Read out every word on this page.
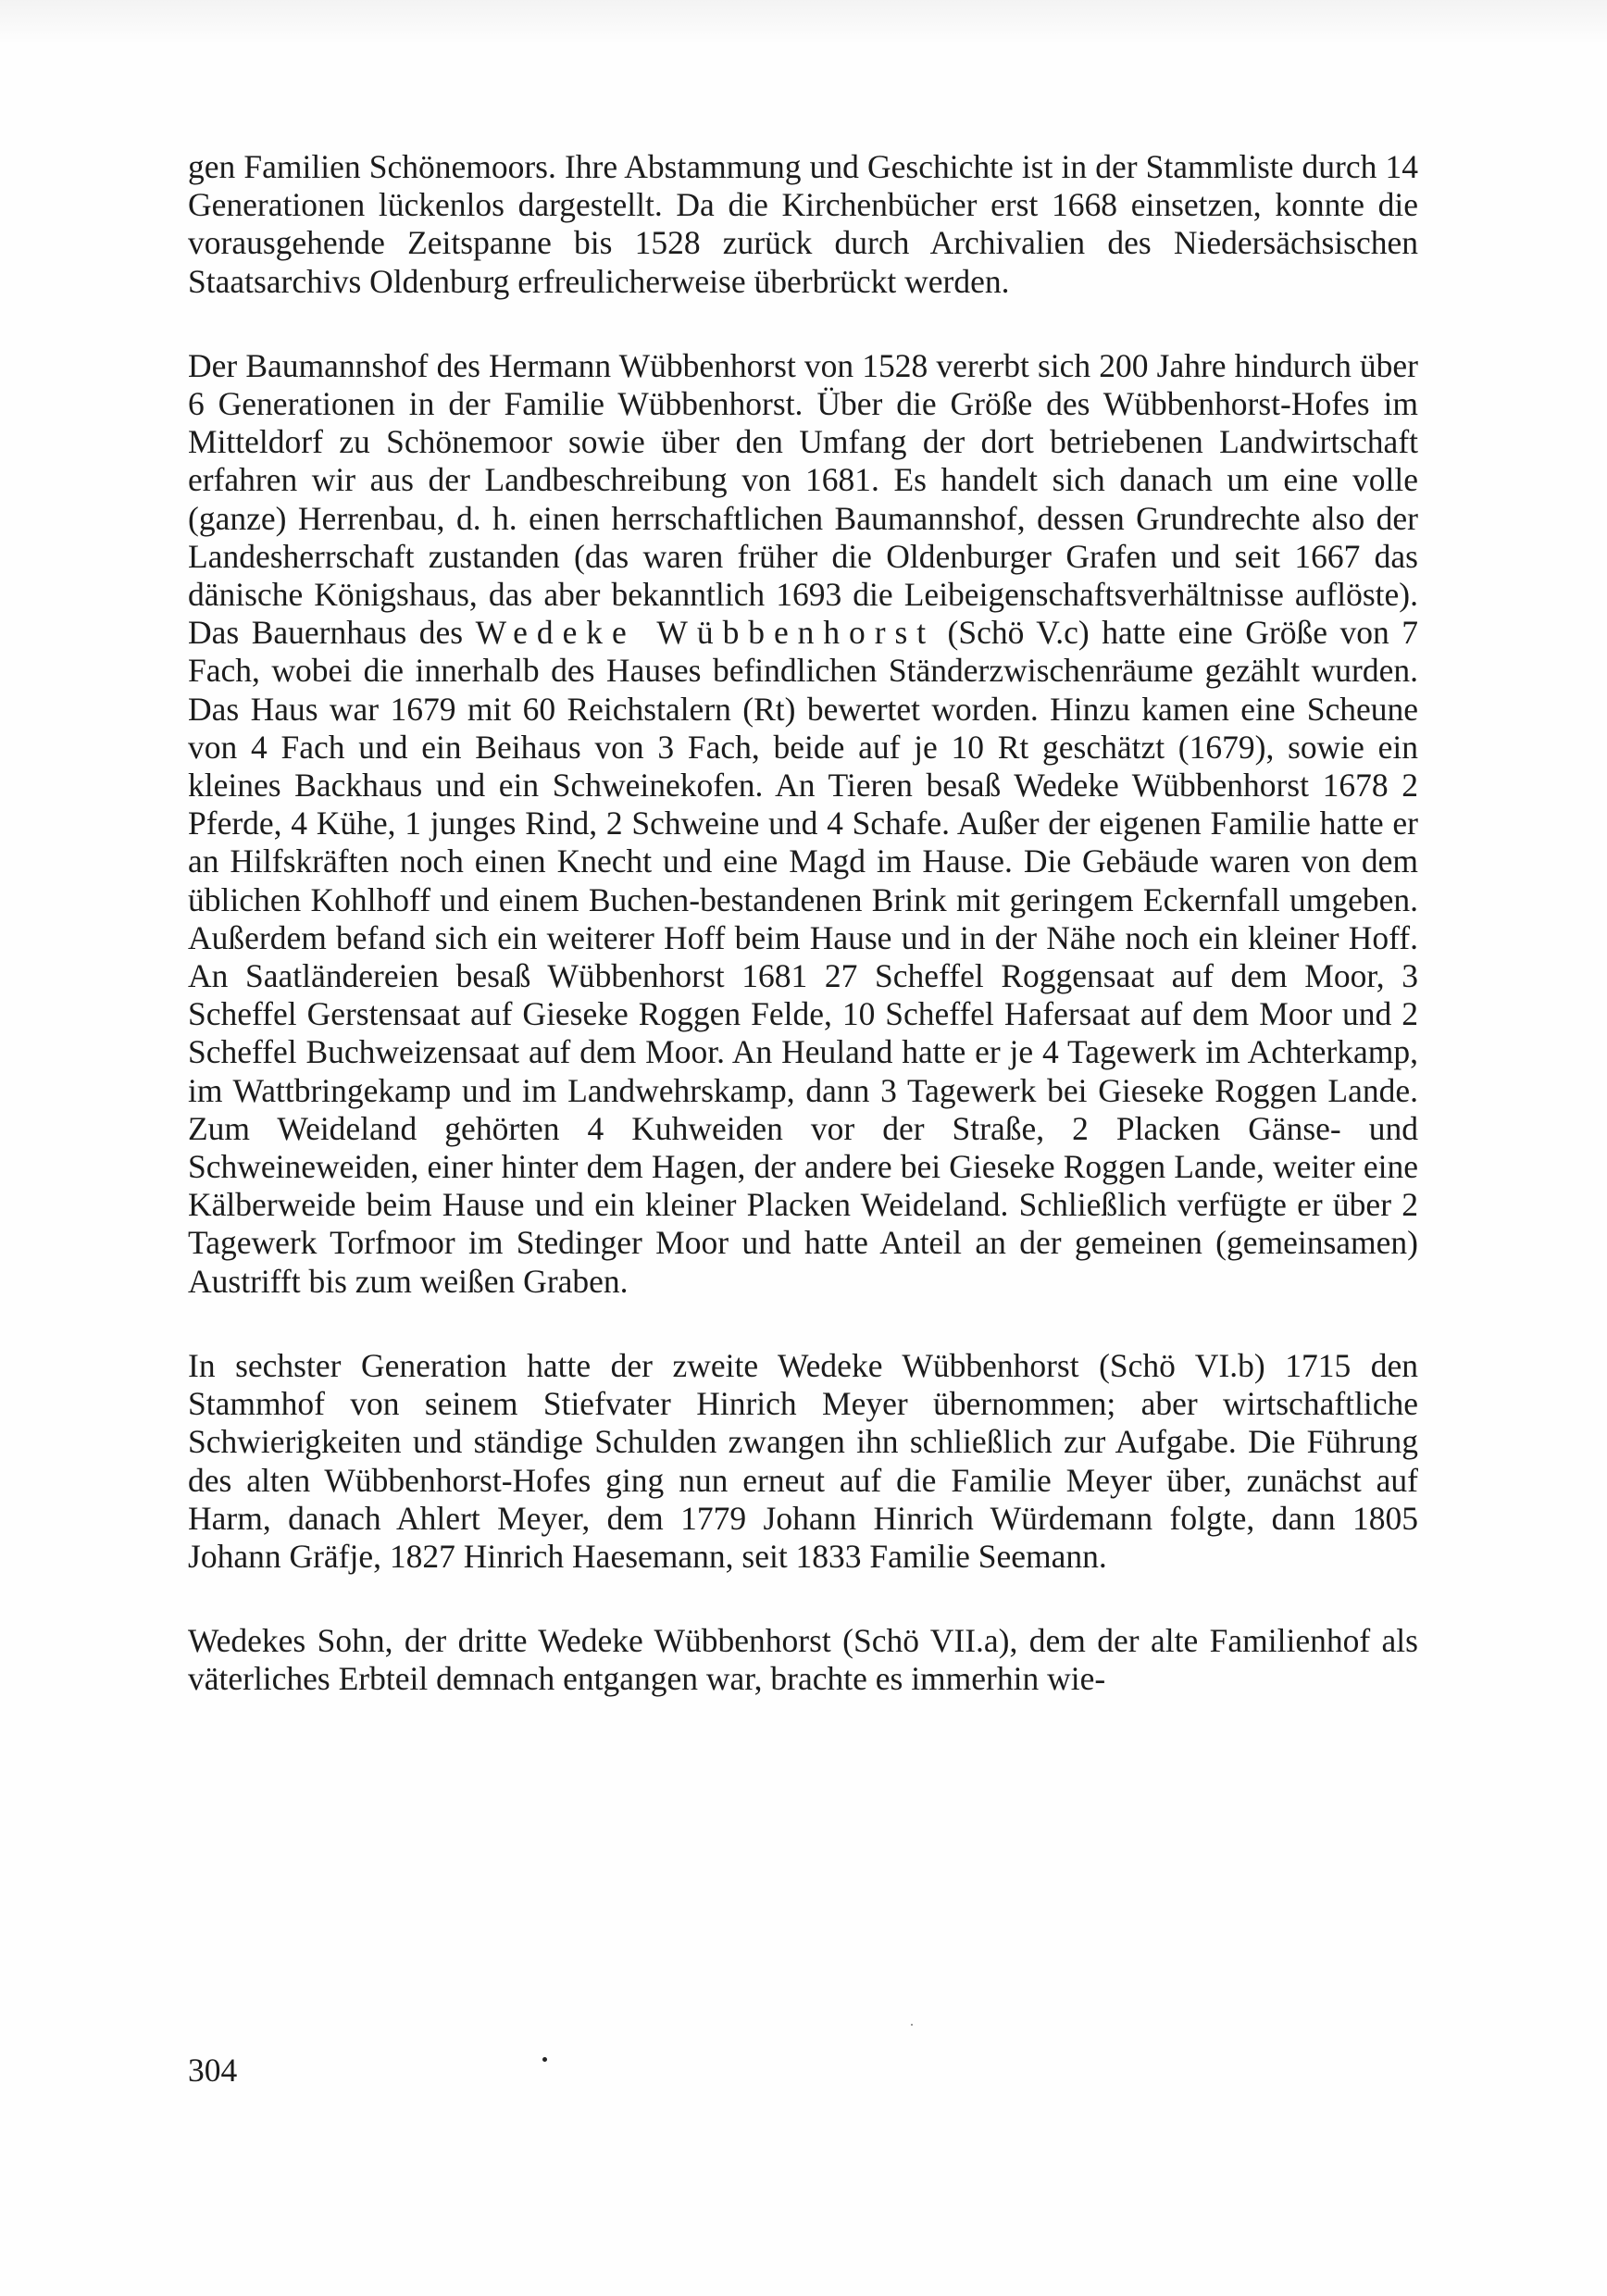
gen Familien Schönemoors. Ihre Abstammung und Geschichte ist in der Stammliste durch 14 Generationen lückenlos dargestellt. Da die Kirchenbücher erst 1668 einsetzen, konnte die vorausgehende Zeitspanne bis 1528 zurück durch Archivalien des Niedersächsischen Staatsarchivs Oldenburg erfreulicherweise überbrückt werden.

Der Baumannshof des Hermann Wübbenhorst von 1528 vererbt sich 200 Jahre hindurch über 6 Generationen in der Familie Wübbenhorst. Über die Größe des Wübbenhorst-Hofes im Mitteldorf zu Schönemoor sowie über den Umfang der dort betriebenen Landwirtschaft erfahren wir aus der Landbeschreibung von 1681. Es handelt sich danach um eine volle (ganze) Herrenbau, d. h. einen herrschaftlichen Baumannshof, dessen Grundrechte also der Landesherrschaft zustanden (das waren früher die Oldenburger Grafen und seit 1667 das dänische Königshaus, das aber bekanntlich 1693 die Leibeigenschaftsverhältnisse auflöste). Das Bauernhaus des Wedeke Wübbenhorst (Schö V.c) hatte eine Größe von 7 Fach, wobei die innerhalb des Hauses befindlichen Ständerzwischenräume gezählt wurden. Das Haus war 1679 mit 60 Reichstalern (Rt) bewertet worden. Hinzu kamen eine Scheune von 4 Fach und ein Beihaus von 3 Fach, beide auf je 10 Rt geschätzt (1679), sowie ein kleines Backhaus und ein Schweinekofen. An Tieren besaß Wedeke Wübbenhorst 1678 2 Pferde, 4 Kühe, 1 junges Rind, 2 Schweine und 4 Schafe. Außer der eigenen Familie hatte er an Hilfskräften noch einen Knecht und eine Magd im Hause. Die Gebäude waren von dem üblichen Kohlhoff und einem Buchen-bestandenen Brink mit geringem Eckernfall umgeben. Außerdem befand sich ein weiterer Hoff beim Hause und in der Nähe noch ein kleiner Hoff. An Saatländereien besaß Wübbenhorst 1681 27 Scheffel Roggensaat auf dem Moor, 3 Scheffel Gerstensaat auf Gieseke Roggen Felde, 10 Scheffel Hafersaat auf dem Moor und 2 Scheffel Buchweizensaat auf dem Moor. An Heuland hatte er je 4 Tagewerk im Achterkamp, im Wattbringekamp und im Landwehrskamp, dann 3 Tagewerk bei Gieseke Roggen Lande. Zum Weideland gehörten 4 Kuhweiden vor der Straße, 2 Placken Gänse- und Schweineweiden, einer hinter dem Hagen, der andere bei Gieseke Roggen Lande, weiter eine Kälberweide beim Hause und ein kleiner Placken Weideland. Schließlich verfügte er über 2 Tagewerk Torfmoor im Stedinger Moor und hatte Anteil an der gemeinen (gemeinsamen) Austrifft bis zum weißen Graben.

In sechster Generation hatte der zweite Wedeke Wübbenhorst (Schö VI.b) 1715 den Stammhof von seinem Stiefvater Hinrich Meyer übernommen; aber wirtschaftliche Schwierigkeiten und ständige Schulden zwangen ihn schließlich zur Aufgabe. Die Führung des alten Wübbenhorst-Hofes ging nun erneut auf die Familie Meyer über, zunächst auf Harm, danach Ahlert Meyer, dem 1779 Johann Hinrich Würdemann folgte, dann 1805 Johann Gräfje, 1827 Hinrich Haesemann, seit 1833 Familie Seemann.

Wedekes Sohn, der dritte Wedeke Wübbenhorst (Schö VII.a), dem der alte Familienhof als väterliches Erbteil demnach entgangen war, brachte es immerhin wie-

304
